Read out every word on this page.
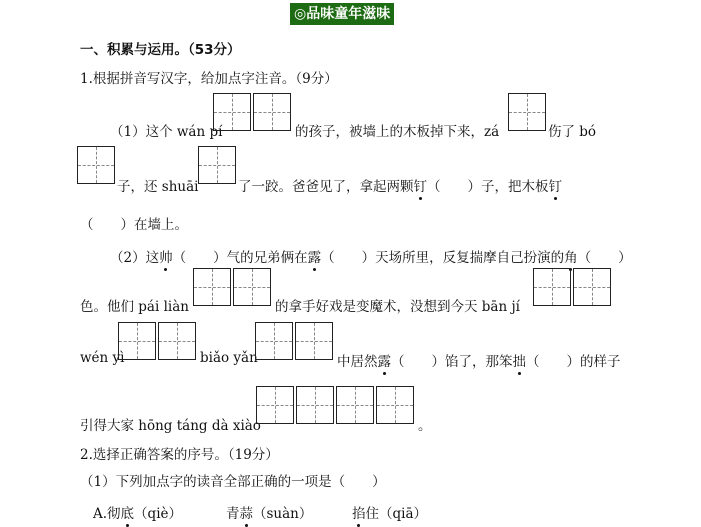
◎品味童年滋味
一、积累与运用。（53分）
1.根据拼音写汉字，给加点字注音。（9分）
（1）这个 wán pí	的孩子，被墙上的木板掉下来，zá	伤了 bó
子，还 shuāi	了一跤。爸爸见了，拿起两颗钉（　　）子，把木板钉
（　　）在墙上。
（2）这帅（　　）气的兄弟俩在露（　　）天场所里，反复揣摩自己扮演的角（　　）
色。他们 pái liàn	的拿手好戏是变魔术，没想到今天 bān jí
wén yì	biǎo yǎn	中居然露（　　）馅了，那笨拙（　　）的样子
引得大家 hōng táng dà xiào	。
2.选择正确答案的序号。（19分）
（1）下列加点字的读音全部正确的一项是（　　）
A.彻底（qiè）	青蒜（suàn）	掐住（qiā）
